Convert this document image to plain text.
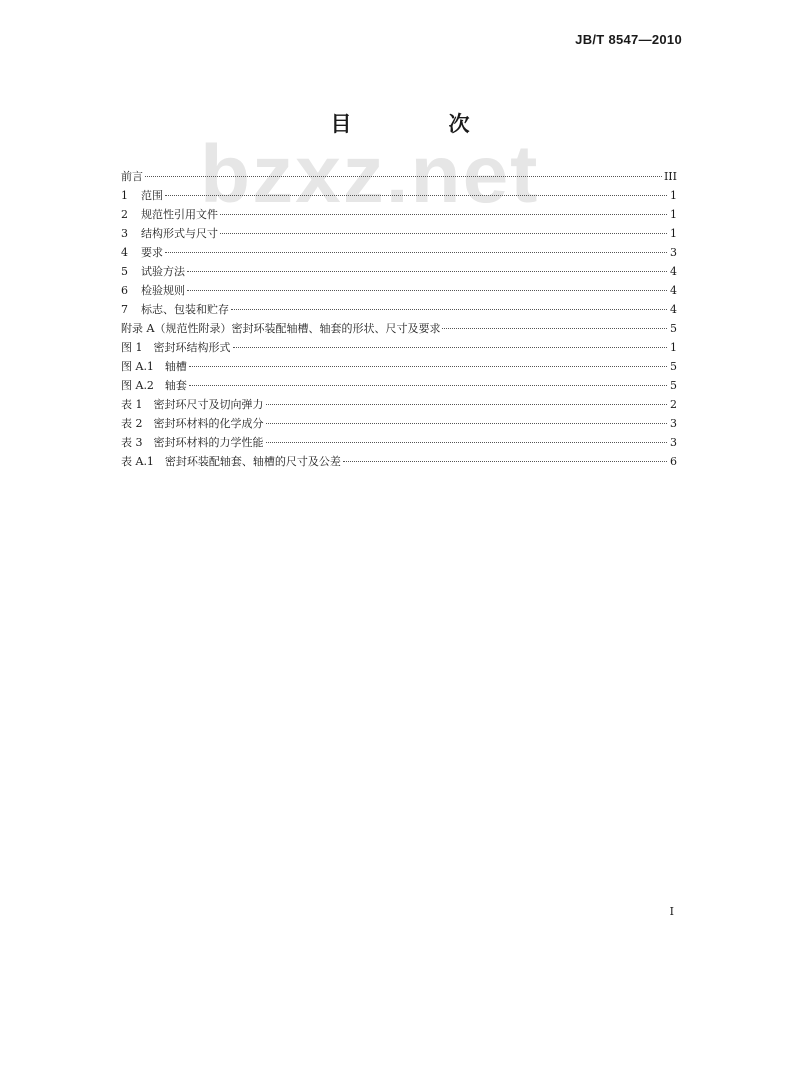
JB/T 8547—2010
bzxz.net
目　次
前言	III
1	范围	1
2	规范性引用文件	1
3	结构形式与尺寸	1
4	要求	3
5	试验方法	4
6	检验规则	4
7	标志、包装和贮存	4
附录 A（规范性附录）密封环装配轴槽、轴套的形状、尺寸及要求	5
图 1　密封环结构形式	1
图 A.1　轴槽	5
图 A.2　轴套	5
表 1　密封环尺寸及切向弹力	2
表 2　密封环材料的化学成分	3
表 3　密封环材料的力学性能	3
表 A.1　密封环装配轴套、轴槽的尺寸及公差	6
I
